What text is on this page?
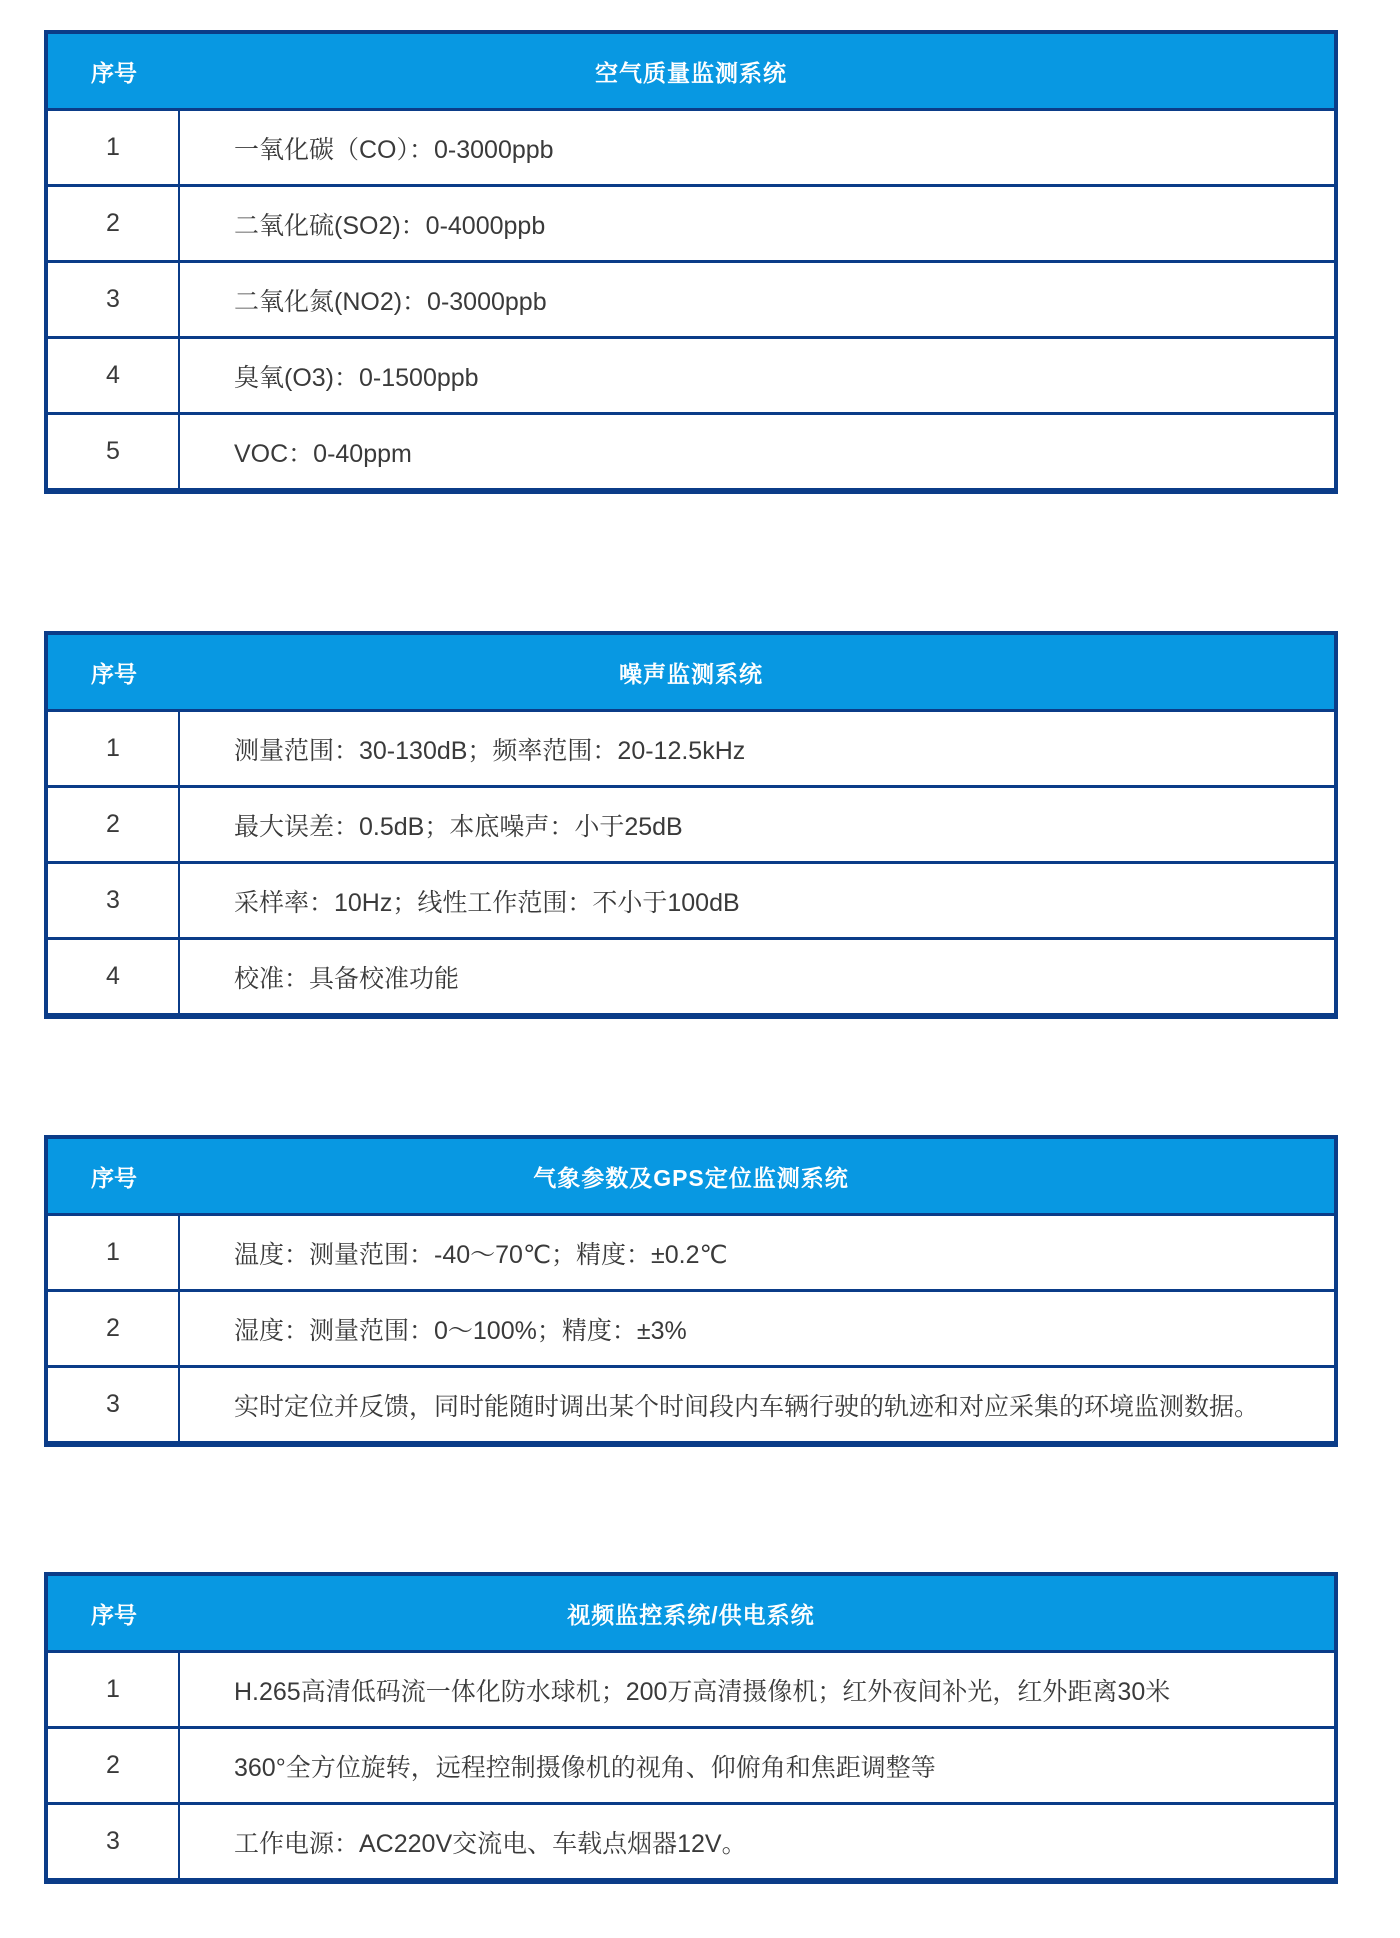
序号	空气质量监测系统
1	一氧化碳（CO）：0-3000ppb
2	二氧化硫(SO2)：0-4000ppb
3	二氧化氮(NO2)：0-3000ppb
4	臭氧(O3)：0-1500ppb
5	VOC：0-40ppm
序号	噪声监测系统
1	测量范围：30-130dB；频率范围：20-12.5kHz
2	最大误差：0.5dB；本底噪声：小于25dB
3	采样率：10Hz；线性工作范围：不小于100dB
4	校准：具备校准功能
序号	气象参数及GPS定位监测系统
1	温度：测量范围：-40～70℃；精度：±0.2℃
2	湿度：测量范围：0～100%；精度：±3%
3	实时定位并反馈，同时能随时调出某个时间段内车辆行驶的轨迹和对应采集的环境监测数据。
序号	视频监控系统/供电系统
1	H.265高清低码流一体化防水球机；200万高清摄像机；红外夜间补光，红外距离30米
2	360°全方位旋转，远程控制摄像机的视角、仰俯角和焦距调整等
3	工作电源：AC220V交流电、车载点烟器12V。
